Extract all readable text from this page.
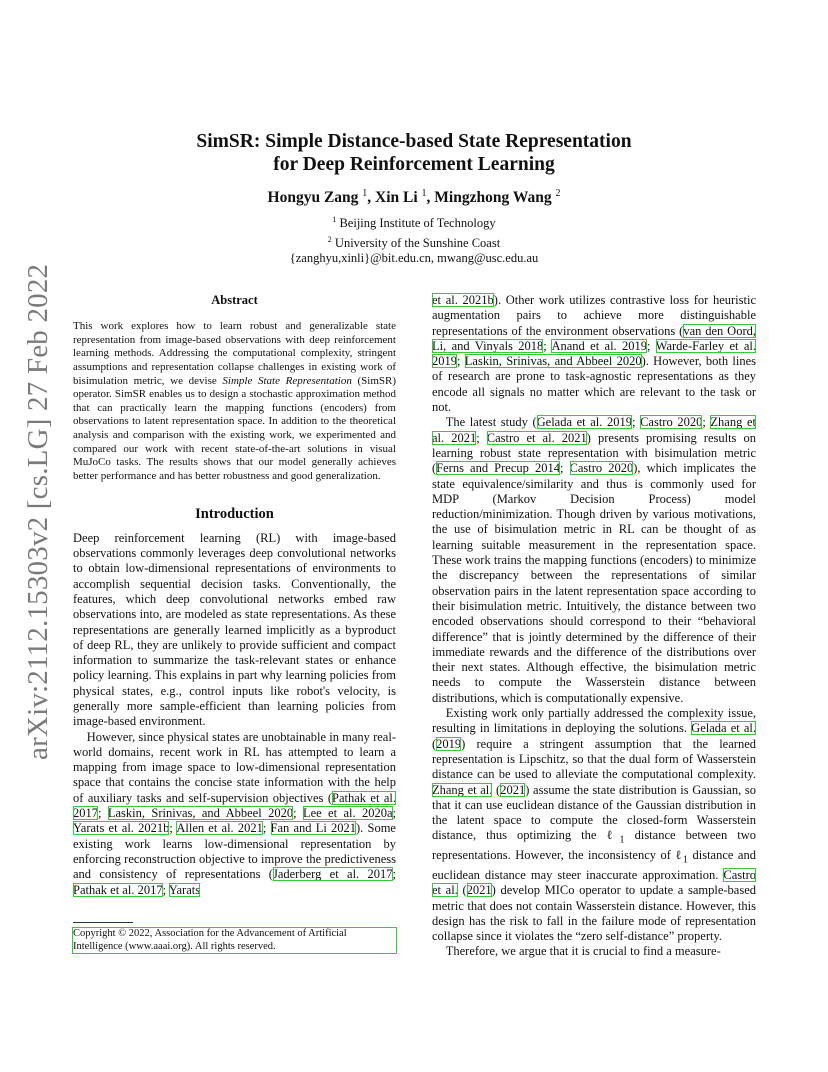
arXiv:2112.15303v2 [cs.LG] 27 Feb 2022
SimSR: Simple Distance-based State Representation
for Deep Reinforcement Learning
Hongyu Zang $^1$, Xin Li $^1$, Mingzhong Wang $^2$
$^1$ Beijing Institute of Technology
$^2$ University of the Sunshine Coast
{zanghyu,xinli}@bit.edu.cn, mwang@usc.edu.au
Abstract
This work explores how to learn robust and generalizable state representation from image-based observations with deep reinforcement learning methods. Addressing the computational complexity, stringent assumptions and representation collapse challenges in existing work of bisimulation metric, we devise Simple State Representation (SimSR) operator. SimSR enables us to design a stochastic approximation method that can practically learn the mapping functions (encoders) from observations to latent representation space. In addition to the theoretical analysis and comparison with the existing work, we experimented and compared our work with recent state-of-the-art solutions in visual MuJoCo tasks. The results shows that our model generally achieves better performance and has better robustness and good generalization.
Introduction

Deep reinforcement learning (RL) with image-based observations commonly leverages deep convolutional networks to obtain low-dimensional representations of environments to accomplish sequential decision tasks. Conventionally, the features, which deep convolutional networks embed raw observations into, are modeled as state representations. As these representations are generally learned implicitly as a byproduct of deep RL, they are unlikely to provide sufficient and compact information to summarize the task-relevant states or enhance policy learning. This explains in part why learning policies from physical states, e.g., control inputs like robot's velocity, is generally more sample-efficient than learning policies from image-based environment.

However, since physical states are unobtainable in many real-world domains, recent work in RL has attempted to learn a mapping from image space to low-dimensional representation space that contains the concise state information with the help of auxiliary tasks and self-supervision objectives (Pathak et al. 2017; Laskin, Srinivas, and Abbeel 2020; Lee et al. 2020a; Yarats et al. 2021b; Allen et al. 2021; Fan and Li 2021). Some existing work learns low-dimensional representation by enforcing reconstruction objective to improve the predictiveness and consistency of representations (Jaderberg et al. 2017; Pathak et al. 2017; Yarats

Copyright © 2022, Association for the Advancement of Artificial Intelligence (www.aaai.org). All rights reserved.

et al. 2021b). Other work utilizes contrastive loss for heuristic augmentation pairs to achieve more distinguishable representations of the environment observations (van den Oord, Li, and Vinyals 2018; Anand et al. 2019; Warde-Farley et al. 2019; Laskin, Srinivas, and Abbeel 2020). However, both lines of research are prone to task-agnostic representations as they encode all signals no matter which are relevant to the task or not.

The latest study (Gelada et al. 2019; Castro 2020; Zhang et al. 2021; Castro et al. 2021) presents promising results on learning robust state representation with bisimulation metric (Ferns and Precup 2014; Castro 2020), which implicates the state equivalence/similarity and thus is commonly used for MDP (Markov Decision Process) model reduction/minimization. Though driven by various motivations, the use of bisimulation metric in RL can be thought of as learning suitable measurement in the representation space. These work trains the mapping functions (encoders) to minimize the discrepancy between the representations of similar observation pairs in the latent representation space according to their bisimulation metric. Intuitively, the distance between two encoded observations should correspond to their “behavioral difference” that is jointly determined by the difference of their immediate rewards and the difference of the distributions over their next states. Although effective, the bisimulation metric needs to compute the Wasserstein distance between distributions, which is computationally expensive.

Existing work only partially addressed the complexity issue, resulting in limitations in deploying the solutions. Gelada et al. (2019) require a stringent assumption that the learned representation is Lipschitz, so that the dual form of Wasserstein distance can be used to alleviate the computational complexity. Zhang et al. (2021) assume the state distribution is Gaussian, so that it can use euclidean distance of the Gaussian distribution in the latent space to compute the closed-form Wasserstein distance, thus optimizing the ℓ$_1$ distance between two representations. However, the inconsistency of ℓ$_1$ distance and euclidean distance may steer inaccurate approximation. Castro et al. (2021) develop MICo operator to update a sample-based metric that does not contain Wasserstein distance. However, this design has the risk to fall in the failure mode of representation collapse since it violates the “zero self-distance” property.

Therefore, we argue that it is crucial to find a measure-
